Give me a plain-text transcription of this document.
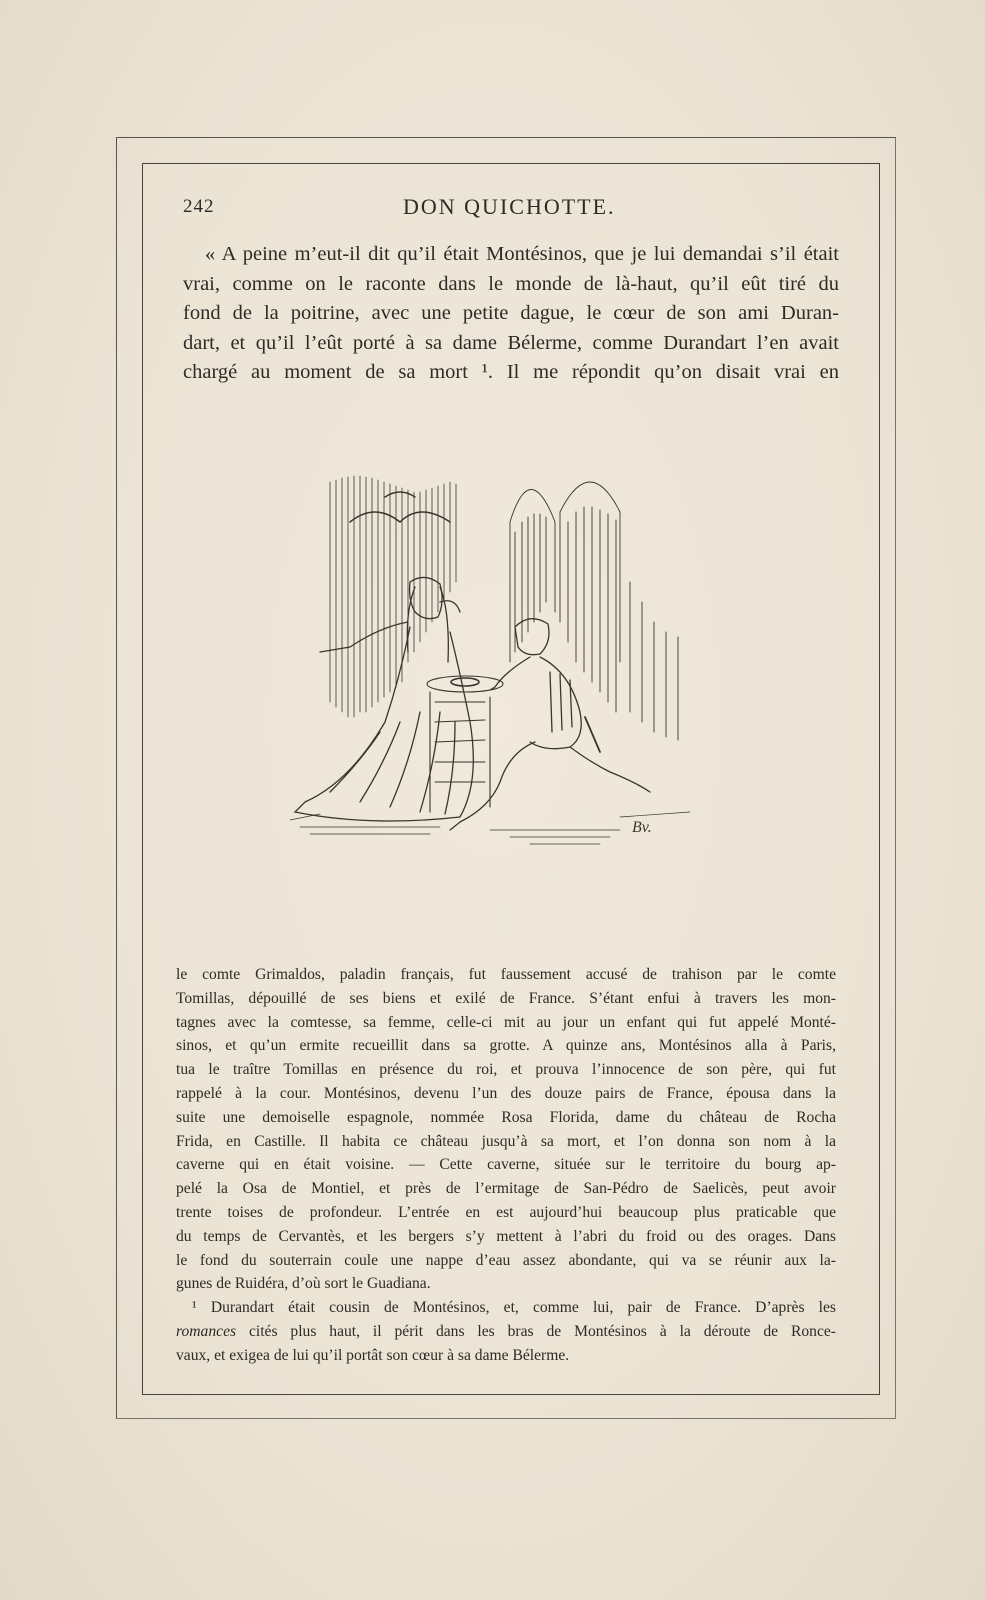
242	DON QUICHOTTE.

« A peine m’eut-il dit qu’il était Montésinos, que je lui demandai s’il était
vrai, comme on le raconte dans le monde de là-haut, qu’il eût tiré du
fond de la poitrine, avec une petite dague, le cœur de son ami Duran-
dart, et qu’il l’eût porté à sa dame Bélerme, comme Durandart l’en avait
chargé au moment de sa mort ¹. Il me répondit qu’on disait vrai en

Bv.
le comte Grimaldos, paladin français, fut faussement accusé de trahison par le comte
Tomillas, dépouillé de ses biens et exilé de France. S’étant enfui à travers les mon-
tagnes avec la comtesse, sa femme, celle-ci mit au jour un enfant qui fut appelé Monté-
sinos, et qu’un ermite recueillit dans sa grotte. A quinze ans, Montésinos alla à Paris,
tua le traître Tomillas en présence du roi, et prouva l’innocence de son père, qui fut
rappelé à la cour. Montésinos, devenu l’un des douze pairs de France, épousa dans la
suite une demoiselle espagnole, nommée Rosa Florida, dame du château de Rocha
Frida, en Castille. Il habita ce château jusqu’à sa mort, et l’on donna son nom à la
caverne qui en était voisine. — Cette caverne, située sur le territoire du bourg ap-
pelé la Osa de Montiel, et près de l’ermitage de San-Pédro de Saelicès, peut avoir
trente toises de profondeur. L’entrée en est aujourd’hui beaucoup plus praticable que
du temps de Cervantès, et les bergers s’y mettent à l’abri du froid ou des orages. Dans
le fond du souterrain coule une nappe d’eau assez abondante, qui va se réunir aux la-
gunes de Ruidéra, d’où sort le Guadiana.
¹ Durandart était cousin de Montésinos, et, comme lui, pair de France. D’après les
romances cités plus haut, il périt dans les bras de Montésinos à la déroute de Ronce-
vaux, et exigea de lui qu’il portât son cœur à sa dame Bélerme.
